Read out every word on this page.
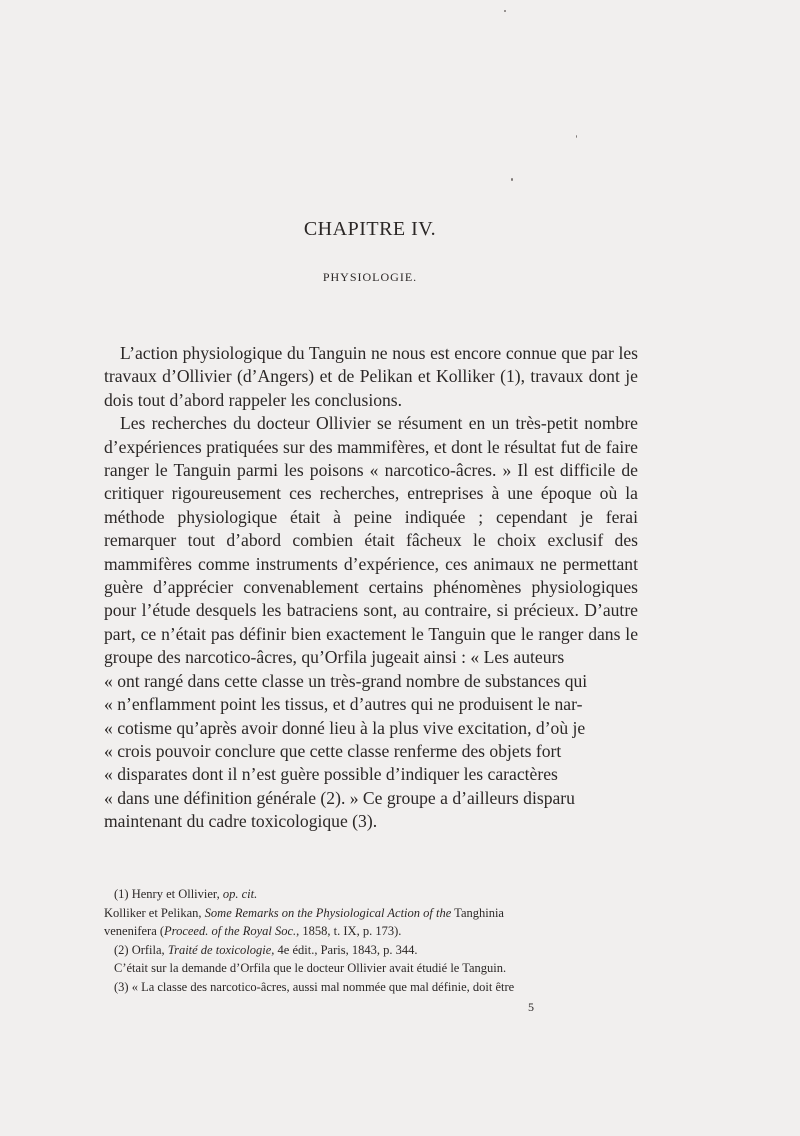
CHAPITRE IV.
PHYSIOLOGIE.

L’action physiologique du Tanguin ne nous est encore connue que par les travaux d’Ollivier (d’Angers) et de Pelikan et Kolliker (1), travaux dont je dois tout d’abord rappeler les conclusions.

Les recherches du docteur Ollivier se résument en un très-petit nombre d’expériences pratiquées sur des mammifères, et dont le résultat fut de faire ranger le Tanguin parmi les poisons « narcotico-âcres. » Il est difficile de critiquer rigoureusement ces recherches, entreprises à une époque où la méthode physiologique était à peine indiquée ; cependant je ferai remarquer tout d’abord combien était fâcheux le choix exclusif des mammifères comme instruments d’expérience, ces animaux ne permettant guère d’apprécier convenablement certains phénomènes physiologiques pour l’étude desquels les batraciens sont, au contraire, si précieux. D’autre part, ce n’était pas définir bien exactement le Tanguin que le ranger dans le groupe des narcotico-âcres, qu’Orfila jugeait ainsi : « Les auteurs
« ont rangé dans cette classe un très-grand nombre de substances qui
« n’enflamment point les tissus, et d’autres qui ne produisent le nar-
« cotisme qu’après avoir donné lieu à la plus vive excitation, d’où je
« crois pouvoir conclure que cette classe renferme des objets fort
« disparates dont il n’est guère possible d’indiquer les caractères
« dans une définition générale (2). » Ce groupe a d’ailleurs disparu
maintenant du cadre toxicologique (3).

(1) Henry et Ollivier, op. cit.
Kolliker et Pelikan, Some Remarks on the Physiological Action of the Tanghinia
venenifera (Proceed. of the Royal Soc., 1858, t. IX, p. 173).
(2) Orfila, Traité de toxicologie, 4e édit., Paris, 1843, p. 344.
C’était sur la demande d’Orfila que le docteur Ollivier avait étudié le Tanguin.
(3) « La classe des narcotico-âcres, aussi mal nommée que mal définie, doit être
5
